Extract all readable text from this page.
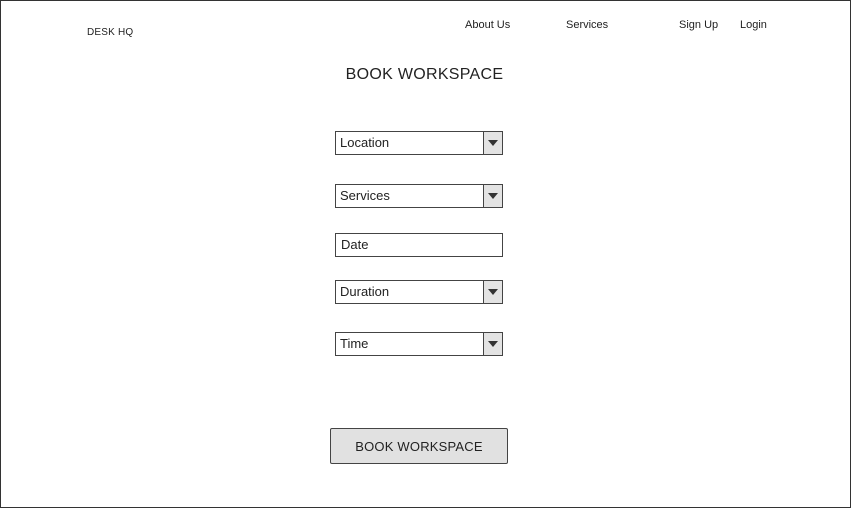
DESK HQ
About Us	Services	Sign Up Login
BOOK WORKSPACE
Location
Services
Date
Duration
Time
BOOK WORKSPACE
